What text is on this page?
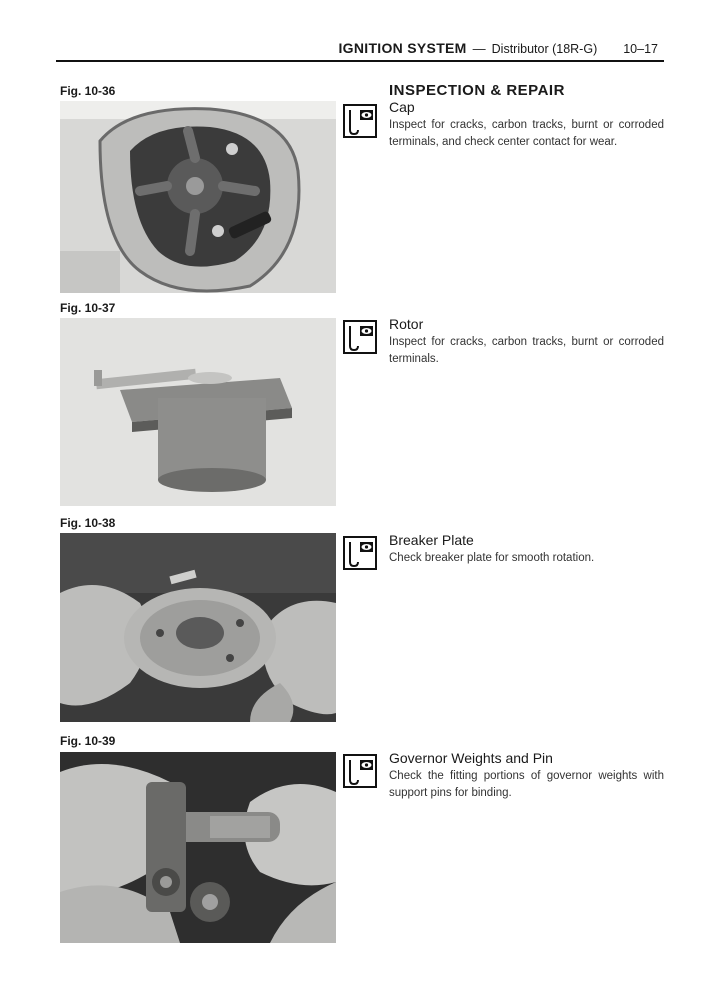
IGNITION SYSTEM — Distributor (18R-G) 10–17
INSPECTION & REPAIR
Fig. 10-36
Cap
Inspect for cracks, carbon tracks, burnt or corroded terminals, and check center contact for wear.
Fig. 10-37
Rotor
Inspect for cracks, carbon tracks, burnt or corroded terminals.
Fig. 10-38
Breaker Plate
Check breaker plate for smooth rotation.
Fig. 10-39
Governor Weights and Pin
Check the fitting portions of governor weights with support pins for binding.
